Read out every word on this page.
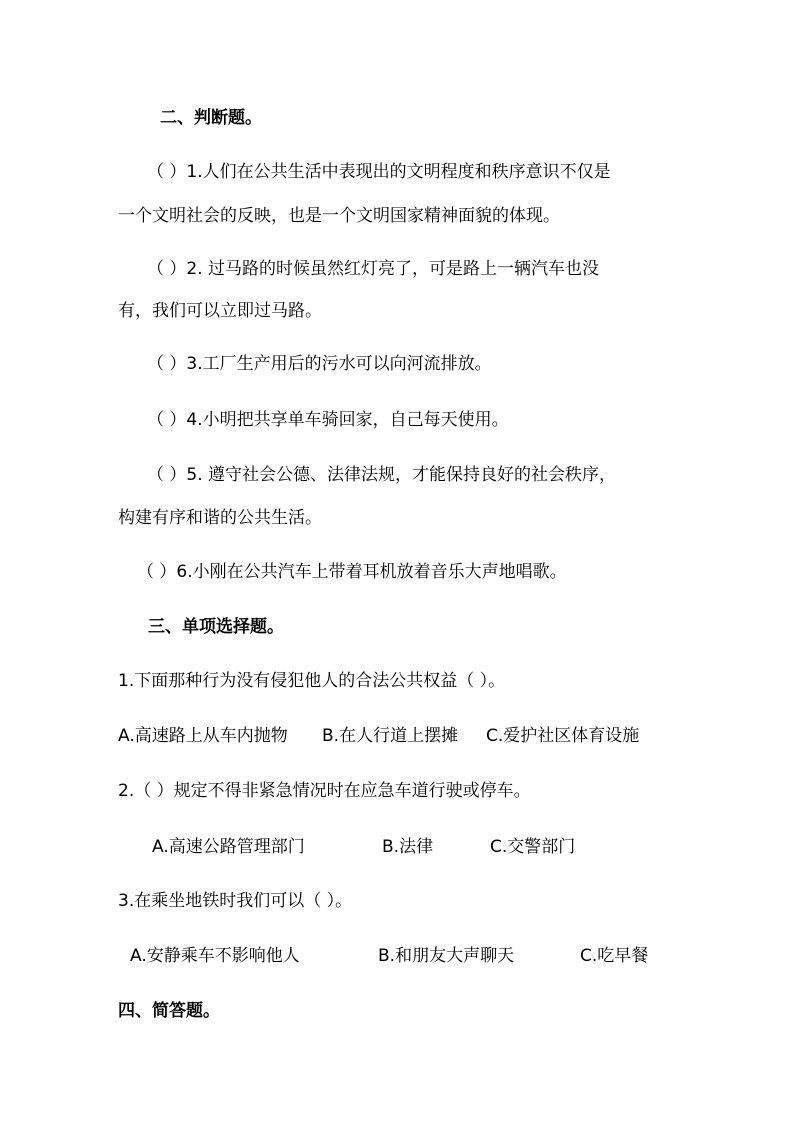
二、判断题。
（ ）1.人们在公共生活中表现出的文明程度和秩序意识不仅是
一个文明社会的反映，也是一个文明国家精神面貌的体现。
（ ）2. 过马路的时候虽然红灯亮了，可是路上一辆汽车也没
有，我们可以立即过马路。
（ ）3.工厂生产用后的污水可以向河流排放。
（ ）4.小明把共享单车骑回家，自己每天使用。
（ ）5. 遵守社会公德、法律法规，才能保持良好的社会秩序，
构建有序和谐的公共生活。
（ ）6.小刚在公共汽车上带着耳机放着音乐大声地唱歌。
三、单项选择题。
1.下面那种行为没有侵犯他人的合法公共权益（ ）。
A.高速路上从车内抛物 B.在人行道上摆摊 C.爱护社区体育设施
2.（ ）规定不得非紧急情况时在应急车道行驶或停车。
A.高速公路管理部门	B.法律	C.交警部门
3.在乘坐地铁时我们可以（ ）。
A.安静乘车不影响他人	B.和朋友大声聊天	C.吃早餐
四、简答题。
